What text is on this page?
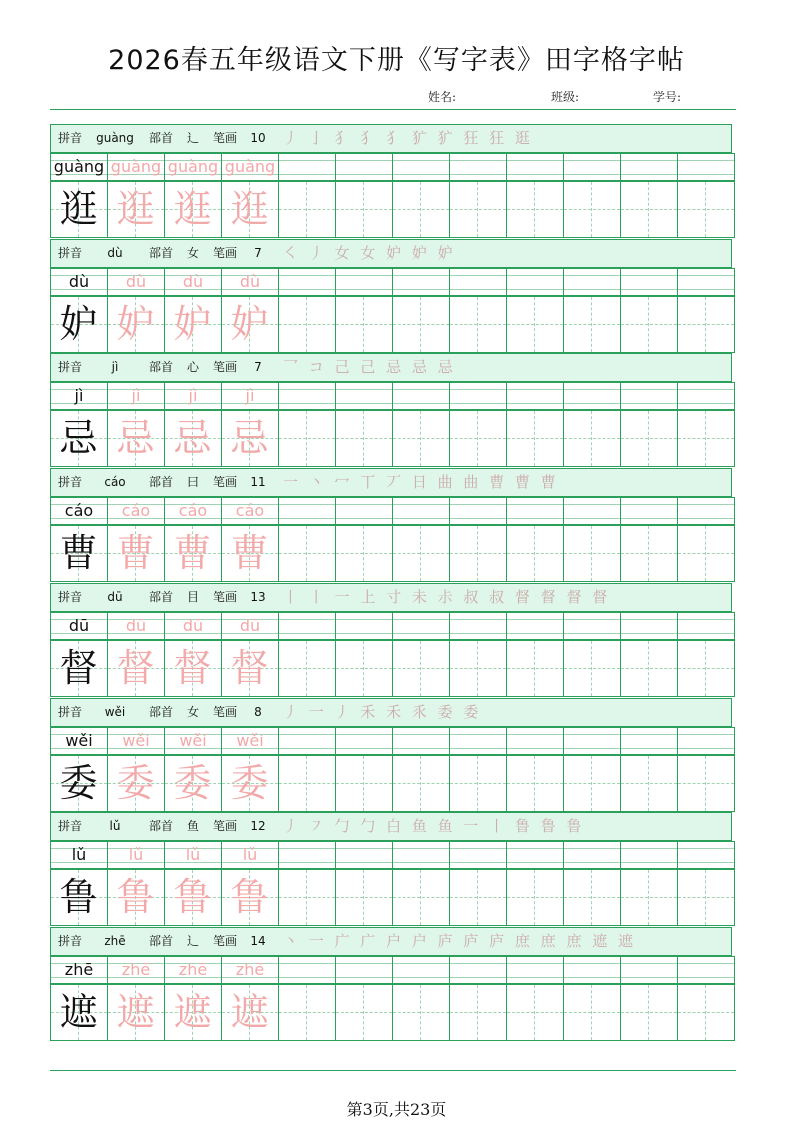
2026春五年级语文下册《写字表》田字格字帖
姓名:	班级:	学号:
拼音	guàng	部首	辶	笔画	10	丿 亅 犭 犭 犭 犷 犷 狂 狂 逛
guàng guàng guàng guàng
逛 逛 逛 逛
拼音	dù	部首	女	笔画	7	㇛ 丿 女 女 妒 妒 妒
dù	dù	dù	dù
妒 妒 妒 妒
拼音	jì	部首	心	笔画	7	乛 コ 己 己 忌 忌 忌
jì	jì	jì	jì
忌 忌 忌 忌
拼音	cáo	部首	曰	笔画	11	一 丶 冖 丅 丆 日 曲 曲 曹 曹 曹
cáo	cáo	cáo	cáo
曹 曹 曹 曹
拼音	dū	部首	目	笔画	13	丨 丨 一 上 寸 未 尗 叔 叔 督 督 督 督
dū	dū	dū	dū
督 督 督 督
拼音	wěi	部首	女	笔画	8	丿 一 丿 禾 禾 乑 委 委
wěi	wěi	wěi	wěi
委 委 委 委
拼音	lǔ	部首	鱼	笔画	12	丿 ㇇ 勹 勹 白 鱼 鱼 一 丨 鲁 鲁 鲁
lǔ	lǔ	lǔ	lǔ
鲁 鲁 鲁 鲁
拼音	zhē	部首	辶	笔画	14	丶 一 广 广 户 户 庐 庐 庐 庶 庶 庶 遮 遮
zhē	zhē	zhē	zhē
遮 遮 遮 遮
第3页,共23页
